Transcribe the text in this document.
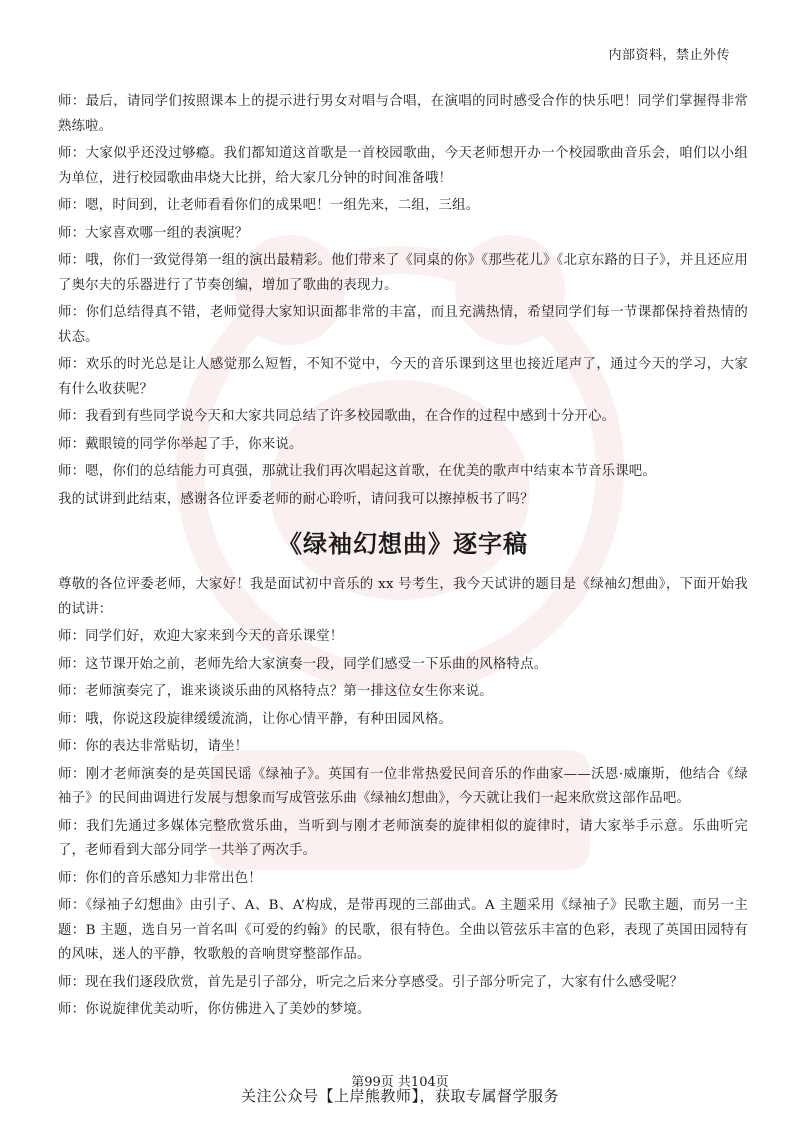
内部资料，禁止外传

师：最后，请同学们按照课本上的提示进行男女对唱与合唱，在演唱的同时感受合作的快乐吧！同学们掌握得非常熟练啦。

师：大家似乎还没过够瘾。我们都知道这首歌是一首校园歌曲，今天老师想开办一个校园歌曲音乐会，咱们以小组为单位，进行校园歌曲串烧大比拼，给大家几分钟的时间准备哦！

师：嗯，时间到，让老师看看你们的成果吧！一组先来，二组，三组。

师：大家喜欢哪一组的表演呢？

师：哦，你们一致觉得第一组的演出最精彩。他们带来了《同桌的你》《那些花儿》《北京东路的日子》，并且还应用了奥尔夫的乐器进行了节奏创编，增加了歌曲的表现力。

师：你们总结得真不错，老师觉得大家知识面都非常的丰富，而且充满热情，希望同学们每一节课都保持着热情的状态。

师：欢乐的时光总是让人感觉那么短暂，不知不觉中，今天的音乐课到这里也接近尾声了，通过今天的学习，大家有什么收获呢？

师：我看到有些同学说今天和大家共同总结了许多校园歌曲，在合作的过程中感到十分开心。

师：戴眼镜的同学你举起了手，你来说。

师：嗯，你们的总结能力可真强，那就让我们再次唱起这首歌，在优美的歌声中结束本节音乐课吧。

我的试讲到此结束，感谢各位评委老师的耐心聆听，请问我可以擦掉板书了吗？

《绿袖幻想曲》逐字稿

尊敬的各位评委老师，大家好！我是面试初中音乐的 xx 号考生，我今天试讲的题目是《绿袖幻想曲》，下面开始我的试讲：

师：同学们好，欢迎大家来到今天的音乐课堂！

师：这节课开始之前，老师先给大家演奏一段，同学们感受一下乐曲的风格特点。

师：老师演奏完了，谁来谈谈乐曲的风格特点？第一排这位女生你来说。

师：哦，你说这段旋律缓缓流淌，让你心情平静，有种田园风格。

师：你的表达非常贴切，请坐！

师：刚才老师演奏的是英国民谣《绿袖子》。英国有一位非常热爱民间音乐的作曲家——沃恩·威廉斯，他结合《绿袖子》的民间曲调进行发展与想象而写成管弦乐曲《绿袖幻想曲》，今天就让我们一起来欣赏这部作品吧。

师：我们先通过多媒体完整欣赏乐曲，当听到与刚才老师演奏的旋律相似的旋律时，请大家举手示意。乐曲听完了，老师看到大部分同学一共举了两次手。

师：你们的音乐感知力非常出色！

师：《绿袖子幻想曲》由引子、A、B、A’构成，是带再现的三部曲式。A 主题采用《绿袖子》民歌主题，而另一主题：B 主题，选自另一首名叫《可爱的约翰》的民歌，很有特色。全曲以管弦乐丰富的色彩，表现了英国田园特有的风味，迷人的平静，牧歌般的音响贯穿整部作品。

师：现在我们逐段欣赏，首先是引子部分，听完之后来分享感受。引子部分听完了，大家有什么感受呢？

师：你说旋律优美动听，你仿佛进入了美妙的梦境。

第99页 共104页
关注公众号【上岸熊教师】，获取专属督学服务
